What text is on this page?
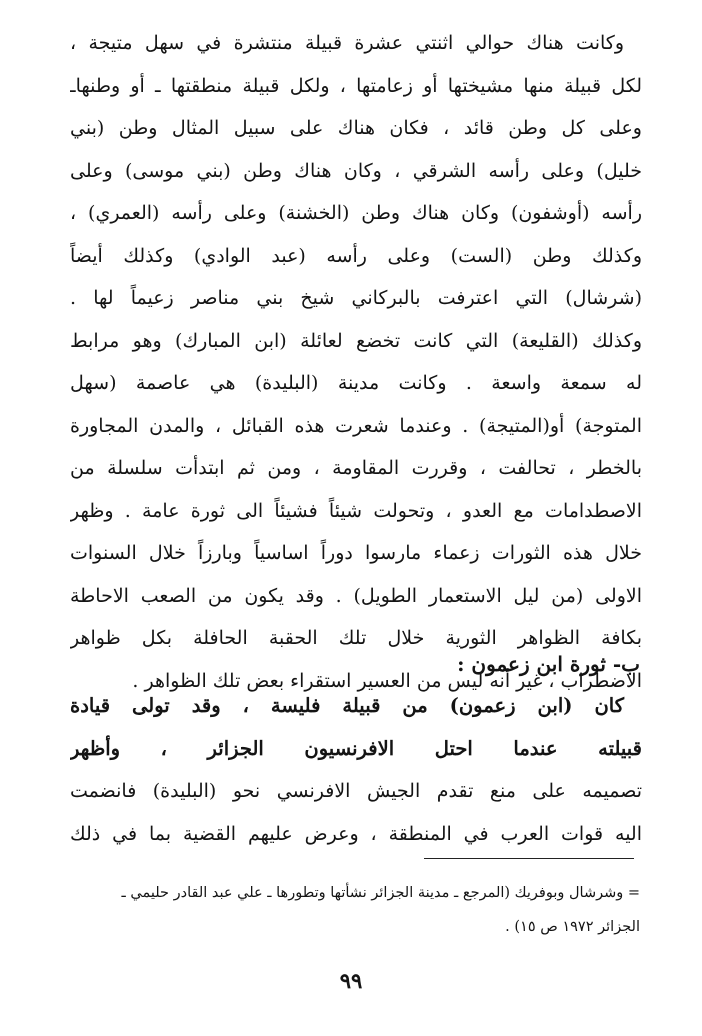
وكانت هناك حوالي اثنتي عشرة قبيلة منتشرة في سهل متيجة ،
لكل قبيلة منها مشيختها أو زعامتها ، ولكل قبيلة منطقتها ـ أو وطنهاـ
وعلى كل وطن قائد ، فكان هناك على سبيل المثال وطن (بني
خليل) وعلى رأسه الشرقي ، وكان هناك وطن (بني موسى) وعلى
رأسه (أوشفون) وكان هناك وطن (الخشنة) وعلى رأسه (العمري) ،
وكذلك وطن (الست) وعلى رأسه (عبد الوادي) وكذلك أيضاً
(شرشال) التي اعترفت بالبركاني شيخ بني مناصر زعيماً لها .
وكذلك (القليعة) التي كانت تخضع لعائلة (ابن المبارك) وهو مرابط
له سمعة واسعة . وكانت مدينة (البليدة) هي عاصمة (سهل
المتوجة) أو(المتيجة) . وعندما شعرت هذه القبائل ، والمدن المجاورة
بالخطر ، تحالفت ، وقررت المقاومة ، ومن ثم ابتدأت سلسلة من
الاصطدامات مع العدو ، وتحولت شيئاً فشيئاً الى ثورة عامة . وظهر
خلال هذه الثورات زعماء مارسوا دوراً اساسياً وبارزاً خلال السنوات
الاولى (من ليل الاستعمار الطويل) . وقد يكون من الصعب الاحاطة
بكافة الظواهر الثورية خلال تلك الحقبة الحافلة بكل ظواهر
الاضطراب ، غير أنه ليس من العسير استقراء بعض تلك الظواهر .
ب- ثورة ابن زعمون :
كان (ابن زعمون) من قبيلة فليسة ، وقد تولى قيادة
قبيلته عندما احتل الافرنسيون الجزائر ، وأظهر
تصميمه على منع تقدم الجيش الافرنسي نحو (البليدة) فانضمت
اليه قوات العرب في المنطقة ، وعرض عليهم القضية بما في ذلك
= وشرشال وبوفريك (المرجع ـ مدينة الجزائر نشأتها وتطورها ـ علي عبد القادر حليمي ـ
الجزائر ١٩٧٢ ص ١٥) .
٩٩
